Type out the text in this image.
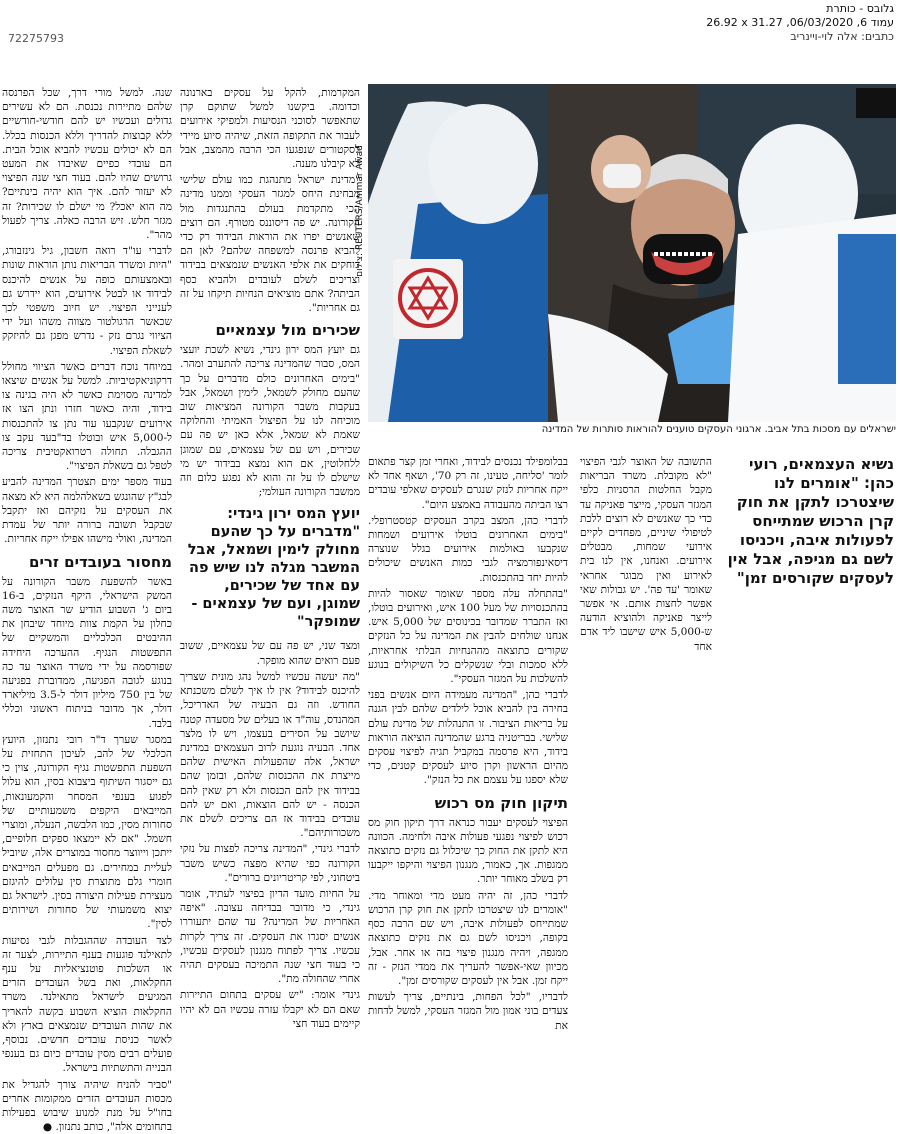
גלובס - כותרת
26.92 x 31.27 ,06/03/2020 ,6 עמוד
כתבים: אלה לוי-ויינריב
72275793
צילום: REUTERS/Ammar Awad
ישראלים עם מסכות בתל אביב. ארגוני העסקים טוענים להוראות סותרות של המדינה
נשיא העצמאים, רועי כהן: "אומרים לנו שיצטרכו לתקן את חוק קרן הרכוש שמתייחס לפעולות איבה, ויכניסו לשם גם מגיפה, אבל אין לעסקים שקורסים זמן"

התשובה של האוצר לגבי הפיצוי "לא מקובלת. משרד הבריאות מקבל החלטות הרסניות כלפי המגזר העסקי, מייצר פאניקה עד כדי כך שאנשים לא רוצים ללכת לטיפולי שיניים, מפחדים לקיים אירועי שמחות, מבטלים אירועים. ואנחנו, אין לנו בית לאירוע ואין מבוגר אחראי שאומר 'עד פה'. יש גבולות שאי אפשר לחצות אותם. אי אפשר לייצר פאניקה ולהוציא הודעה ש-5,000 איש שישבו ליד אדם אחד

בבלומפילד נכנסים לבידוד, ואחרי זמן קצר פתאום לומר 'סליחה, טעינו, זה רק 70', ושאף אחד לא ייקח אחריות לנזק שנגרם לעסקים שאלפי עובדים רצו הביתה מהעבודה באמצע היום".

לדברי כהן, המצב בקרב העסקים קטסטרופלי. "בימים האחרונים בוטלו אירועים ושמחות שנקבעו באולמות אירועים בגלל שנוצרה דיסאינפורמציה לגבי כמות האנשים שיכולים להיות יחד בהתכנסות.

"בהתחלה עלה מספר שאומר שאסור להיות בהתכנסויות של מעל 100 איש, ואירועים בוטלו, ואז התברר שמדובר בכינוסים של 5,000 איש. אנחנו שולחים להבין את המדינה על כל הנזקים שקורים כתוצאה מההנחיות הבלתי אחראיות, ללא סמכות ובלי שנשקלים כל השיקולים בנוגע להשלכות על המגזר העסקי".

לדברי כהן, "המדינה מעמידה היום אנשים בפני בחירה בין להביא אוכל לילדים שלהם לבין הגנה על בריאות הציבור. זו התנהלות של מדינת עולם שלישי. בבריטניה ברגע שהמדינה הוציאה הוראות בידוד, היא פרסמה במקביל תגיה לפיצוי עסקים מהיום הראשון וקרן סיוע לעסקים קטנים, כדי שלא יספגו על עצמם את כל הנזק".

תיקון חוק מס רכוש

הפיצוי לעסקים יעבור כנראה דרך תיקון חוק מס רכוש לפיצוי נפגעי פעולות איבה ולחימה. הכוונה היא לתקן את החוק כך שיכלול גם נזקים כתוצאה ממגפות. אך, כאמור, מנגנון הפיצוי והיקפו ייקבעו רק בשלב מאוחר יותר.

לדברי כהן, זה יהיה מעט מדי ומאוחר מדי. "אומרים לנו שיצטרכו לתקן את חוק קרן הרכוש שמתייחס לפעולות איבה, ויש שם הרבה כסף בקופה, ויכניסו לשם גם את נזקים כתוצאה ממגפה, ויהיה מנגנון פיצוי בזה או אחר. אבל, מכיוון שאי-אפשר להעריך את ממדי הנזק - זה ייקח זמן. אבל אין לעסקים שקורסים זמן".

לדבריו, "לכל הפחות, בינתיים, צריך לעשות צעדים בוני אמון מול המגזר העסקי, למשל לדחות את

המקרמות, להקל על עסקים בארנונה וכדומה. ביקשנו למשל שתוקם קרן שתאפשר לסוכני הנסיעות ולמפיקי אירועים לעבור את התקופה הזאת, שיהיה סיוע מיידי לסקטורים שנפגעו הכי הרבה מהמצב, אבל לא קיבלנו מענה.

"מדינת ישראל מתנהגת כמו עולם שלישי מבחינת היחס למגזר העסקי וממנו מדינה הכי מתקדמת בעולם בהתנגדות מול הקורונה. יש פה דיסוננס מטורף. הם רוצים שאנשים יפרו את הוראות הבידוד רק כדי להביא פרנסה למשפחה שלהם? לאן הם דוחקים את אלפי האנשים שנמצאים בבידוד וצריכים לשלם לעובדים ולהביא כסף הביתה? אתם מוציאים הנחיות תיקחו על זה גם אחריות".

שכירים מול עצמאיים

גם יועץ המס ירון גינדי, נשיא לשכת יועצי המס, סבור שהמדינה צריכה להתערב ומהר. "בימים האחרונים כולם מדברים על כך שהעם מחולק לשמאל, לימין ושמאל, אבל בעקבות משבר הקורונה המציאות שוב מוכיחה לנו על הפיצול האמיתי והחלוקה שאמת לא שמאל, אלא כאן יש פה עם שכירים, ויש עם של עצמאים, עם שמוגן ללחלוטין, אם הוא נמצא בבידוד יש מי שישלם לו על זה והוא לא נפגע כלום וזה ממשבר הקורונה העולמי;

יועץ המס ירון גינדי: "מדברים על כך שהעם מחולק לימין ושמאל, אבל המשבר מגלה לנו שיש פה עם אחד של שכירים, שמוגן, ועם של עצמאים - שמופקר"

ומצד שני, יש פה עם של עצמאיים, ששוב פעם רואים שהוא מופקר.

"מה יעשה עכשיו למשל נהג מונית שצריך להיכנס לבידוד? אין לו איך לשלם משכנתא החודש. וזה גם הבעיה של האדריכל, המהנדס, עוה"ד או בעלים של מסעדה קטנה שיושב על הסירים בעצמו, ויש לו מלצר אחד. הבעיה נוגעת לרוב העצמאים במדינת ישראל, אלה שהפעולות האישית שלהם מייצרת את ההכנסות שלהם, ובזמן שהם בבידוד אין להם הכנסות ולא רק שאין להם הכנסה - יש להם הוצאות, ואם יש להם עובדים בבידוד אז הם צריכים לשלם את משכורותיהם".

לדברי גינדי, "המדינה צריכה לפצות על נזקי הקורונה כפי שהיא מפצה כשיש משבר ביטחוני, לפי קריטריונים ברורים".

על החיות מועד הדיון בפיצוי לעתיד, אומר גינדי, כי מדובר בבדיחה עצובה. "איפה האחריות של המדינה? עד שהם יתעוררו אנשים יסגרו את העסקים. זה צריך לקרות עכשיו. צריך לפתוח מנגנון לעסקים עכשיו, כי בעוד חצי שנה התמיכה בעסקים תהיה אחרי שהחולה מת".

גינדי אומר: "יש עסקים בתחום התיירות שאם הם לא יקבלו עזרה עכשיו הם לא יהיו קיימים בעוד חצי

שנה. למשל מורי דרך, שכל הפרנסה שלהם מתיירות נכנסת. הם לא עשירים גדולים ועכשיו יש להם חודשי-חודשיים ללא קבוצות להדריך וללא הכנסות בכלל. הם לא יכולים עכשיו להביא אוכל הבית. הם עובדי כפיים שאיבדו את המעט גרושים שהיו להם. בעוד חצי שנה הפיצוי לא יעזור להם. איך הוא יהיה בינתיים? מה הוא יאכל? מי ישלם לו שכירות? זה מגזר חלש. זיש הרבה כאלה. צריך לפעול מהר".

לדברי עו"ד רואה חשבון, גיל גינזבורג, "היות ומשרד הבריאות נותן הוראות שונות ובאמצעותם כופה על אנשים להיכנס לבידוד או לבטל אירועים, הוא יידרש גם לענייני הפיצוי. יש חיוב משפטי לכך שכאשר הרגולטור מצווה משהו ועל ידי הציווי נגרם נזק - נדרש מפגן גם להיזקק לשאלת הפיצוי.

במיוחד נוכח דברים כאשר הציווי מחולל דרקוניאקטיביות. למשל על אנשים שיצאו למדינה מסוימת כאשר לא היה בגינה צו בידוד, והיה כאשר חזרו ונתן הצו אז אירועים שנקבעו עוד נתן צו להתכנסות ל-5,000 איש ובוטלו בד"בעד עקב צו ההגבלה. תחולה רטרואקטיבית צריכה לטפל גם בשאלת הפיצוי".

בעוד מספר ימים תצטרך המדינה להביע לבג"ץ שהונגש בשאלהלמה היא לא מצאה את העסקים על נזקיהם ואז יתקבל שבקבל תשובה ברורה יותר של עמדת המדינה, ואולי מישהו אפילו ייקח אחריות.

מחסור בעובדים זרים

באשר להשפעת משבר הקורונה על המשק הישראלי, היקף הנזקים, ב-16 ביום ג' השבוע הודיע שר האוצר משה כחלון על הקמת צוות מיוחד שיבחן את ההיבטים הכלכליים והמשקיים של התפשטות הנגיף. ההערכה היחידה שפורסמה על ידי משרד האוצר עד כה בנוגע לגובה הפגיעה, ממדוברת בפגיעה של בין 750 מיליון דולר ל-3.5 מיליארד דולר, אך מדובר בניתוח ראשוני וכללי בלבד.

במסגר שערך ד"ר רובי נתנזון, היועץ הכלכלי של להב, לעיכון התחזית על השפעת התפשטות נגיף הקורונה, צוין כי גם ייסגור השיתוף ביצבוא בסין, הוא עלול לפגוע בענפי המסחר והקמעונאות, המייבאים היקפים משמעותיים של סחורות מסין, כמו הלבשה, הנעלה, ומוצרי חשמל. "אם לא יימצאו ספקים חלופיים, ייתכן וייווצר מחסור במוצרים אלה, שיוביל לעליית במחירים. גם מפעלים המייבאים חומרי גלם מתוצרת סין עלולים להיגזם מעצירת פעילות היצורה בסין. לישראל גם יצוא משמעותי של סחורות ושירותים לסין".

לצד העובדה שההגבלות לגבי נסיעות לתאילנד פוגעות בענף התיירות, לצער זה או השלכות פוטנציאליות על ענף החקלאות, ואת בשל העובדים הזרים המגיעים לישראל מתאילנד. משרד החקלאות הוציא השבוע בקשה להאריך את שהות העובדים שנמצאים בארץ ולא לאשר כניסת עובדים חדשים. נבוסף, פועלים רבים מסין עובדים כיום גם בענפי הבנייה והתשתיות בישראל.

"סביר להניח שיהיה צורך להגדיל את מכסות העובדים הזרים ממקומות אחרים בחו"ל על מנת למנוע שיבוש בפעילות בתחומים אלה", כותב נתנזון. ●
